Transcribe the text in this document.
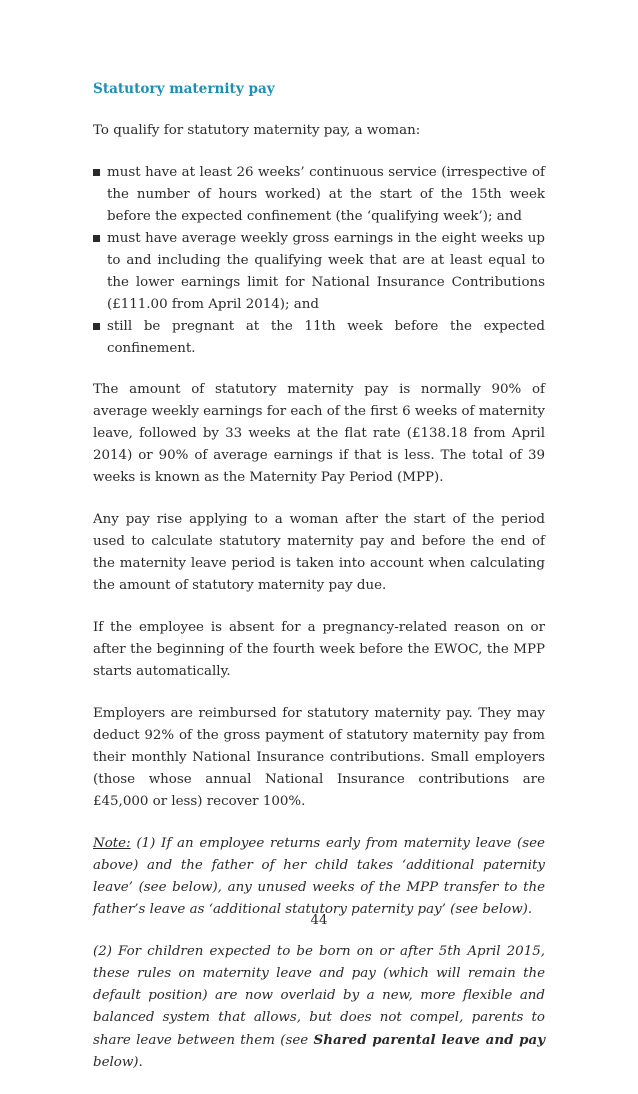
Statutory maternity pay

To qualify for statutory maternity pay, a woman:

must have at least 26 weeks’ continuous service (irrespective of the number of hours worked) at the start of the 15th week before the expected confinement (the ‘qualifying week’); and
must have average weekly gross earnings in the eight weeks up to and including the qualifying week that are at least equal to the lower earnings limit for National Insurance Contributions (£111.00 from April 2014); and
still be pregnant at the 11th week before the expected confinement.

The amount of statutory maternity pay is normally 90% of average weekly earnings for each of the first 6 weeks of maternity leave, followed by 33 weeks at the flat rate (£138.18 from April 2014) or 90% of average earnings if that is less. The total of 39 weeks is known as the Maternity Pay Period (MPP).

Any pay rise applying to a woman after the start of the period used to calculate statutory maternity pay and before the end of the maternity leave period is taken into account when calculating the amount of statutory maternity pay due.

If the employee is absent for a pregnancy-related reason on or after the beginning of the fourth week before the EWOC, the MPP starts automatically.

Employers are reimbursed for statutory maternity pay. They may deduct 92% of the gross payment of statutory maternity pay from their monthly National Insurance contributions. Small employers (those whose annual National Insurance contributions are £45,000 or less) recover 100%.

Note: (1) If an employee returns early from maternity leave (see above) and the father of her child takes ‘additional paternity leave’ (see below), any unused weeks of the MPP transfer to the father’s leave as ‘additional statutory paternity pay’ (see below).

(2) For children expected to be born on or after 5th April 2015, these rules on maternity leave and pay (which will remain the default position) are now overlaid by a new, more flexible and balanced system that allows, but does not compel, parents to share leave between them (see Shared parental leave and pay below).

44
